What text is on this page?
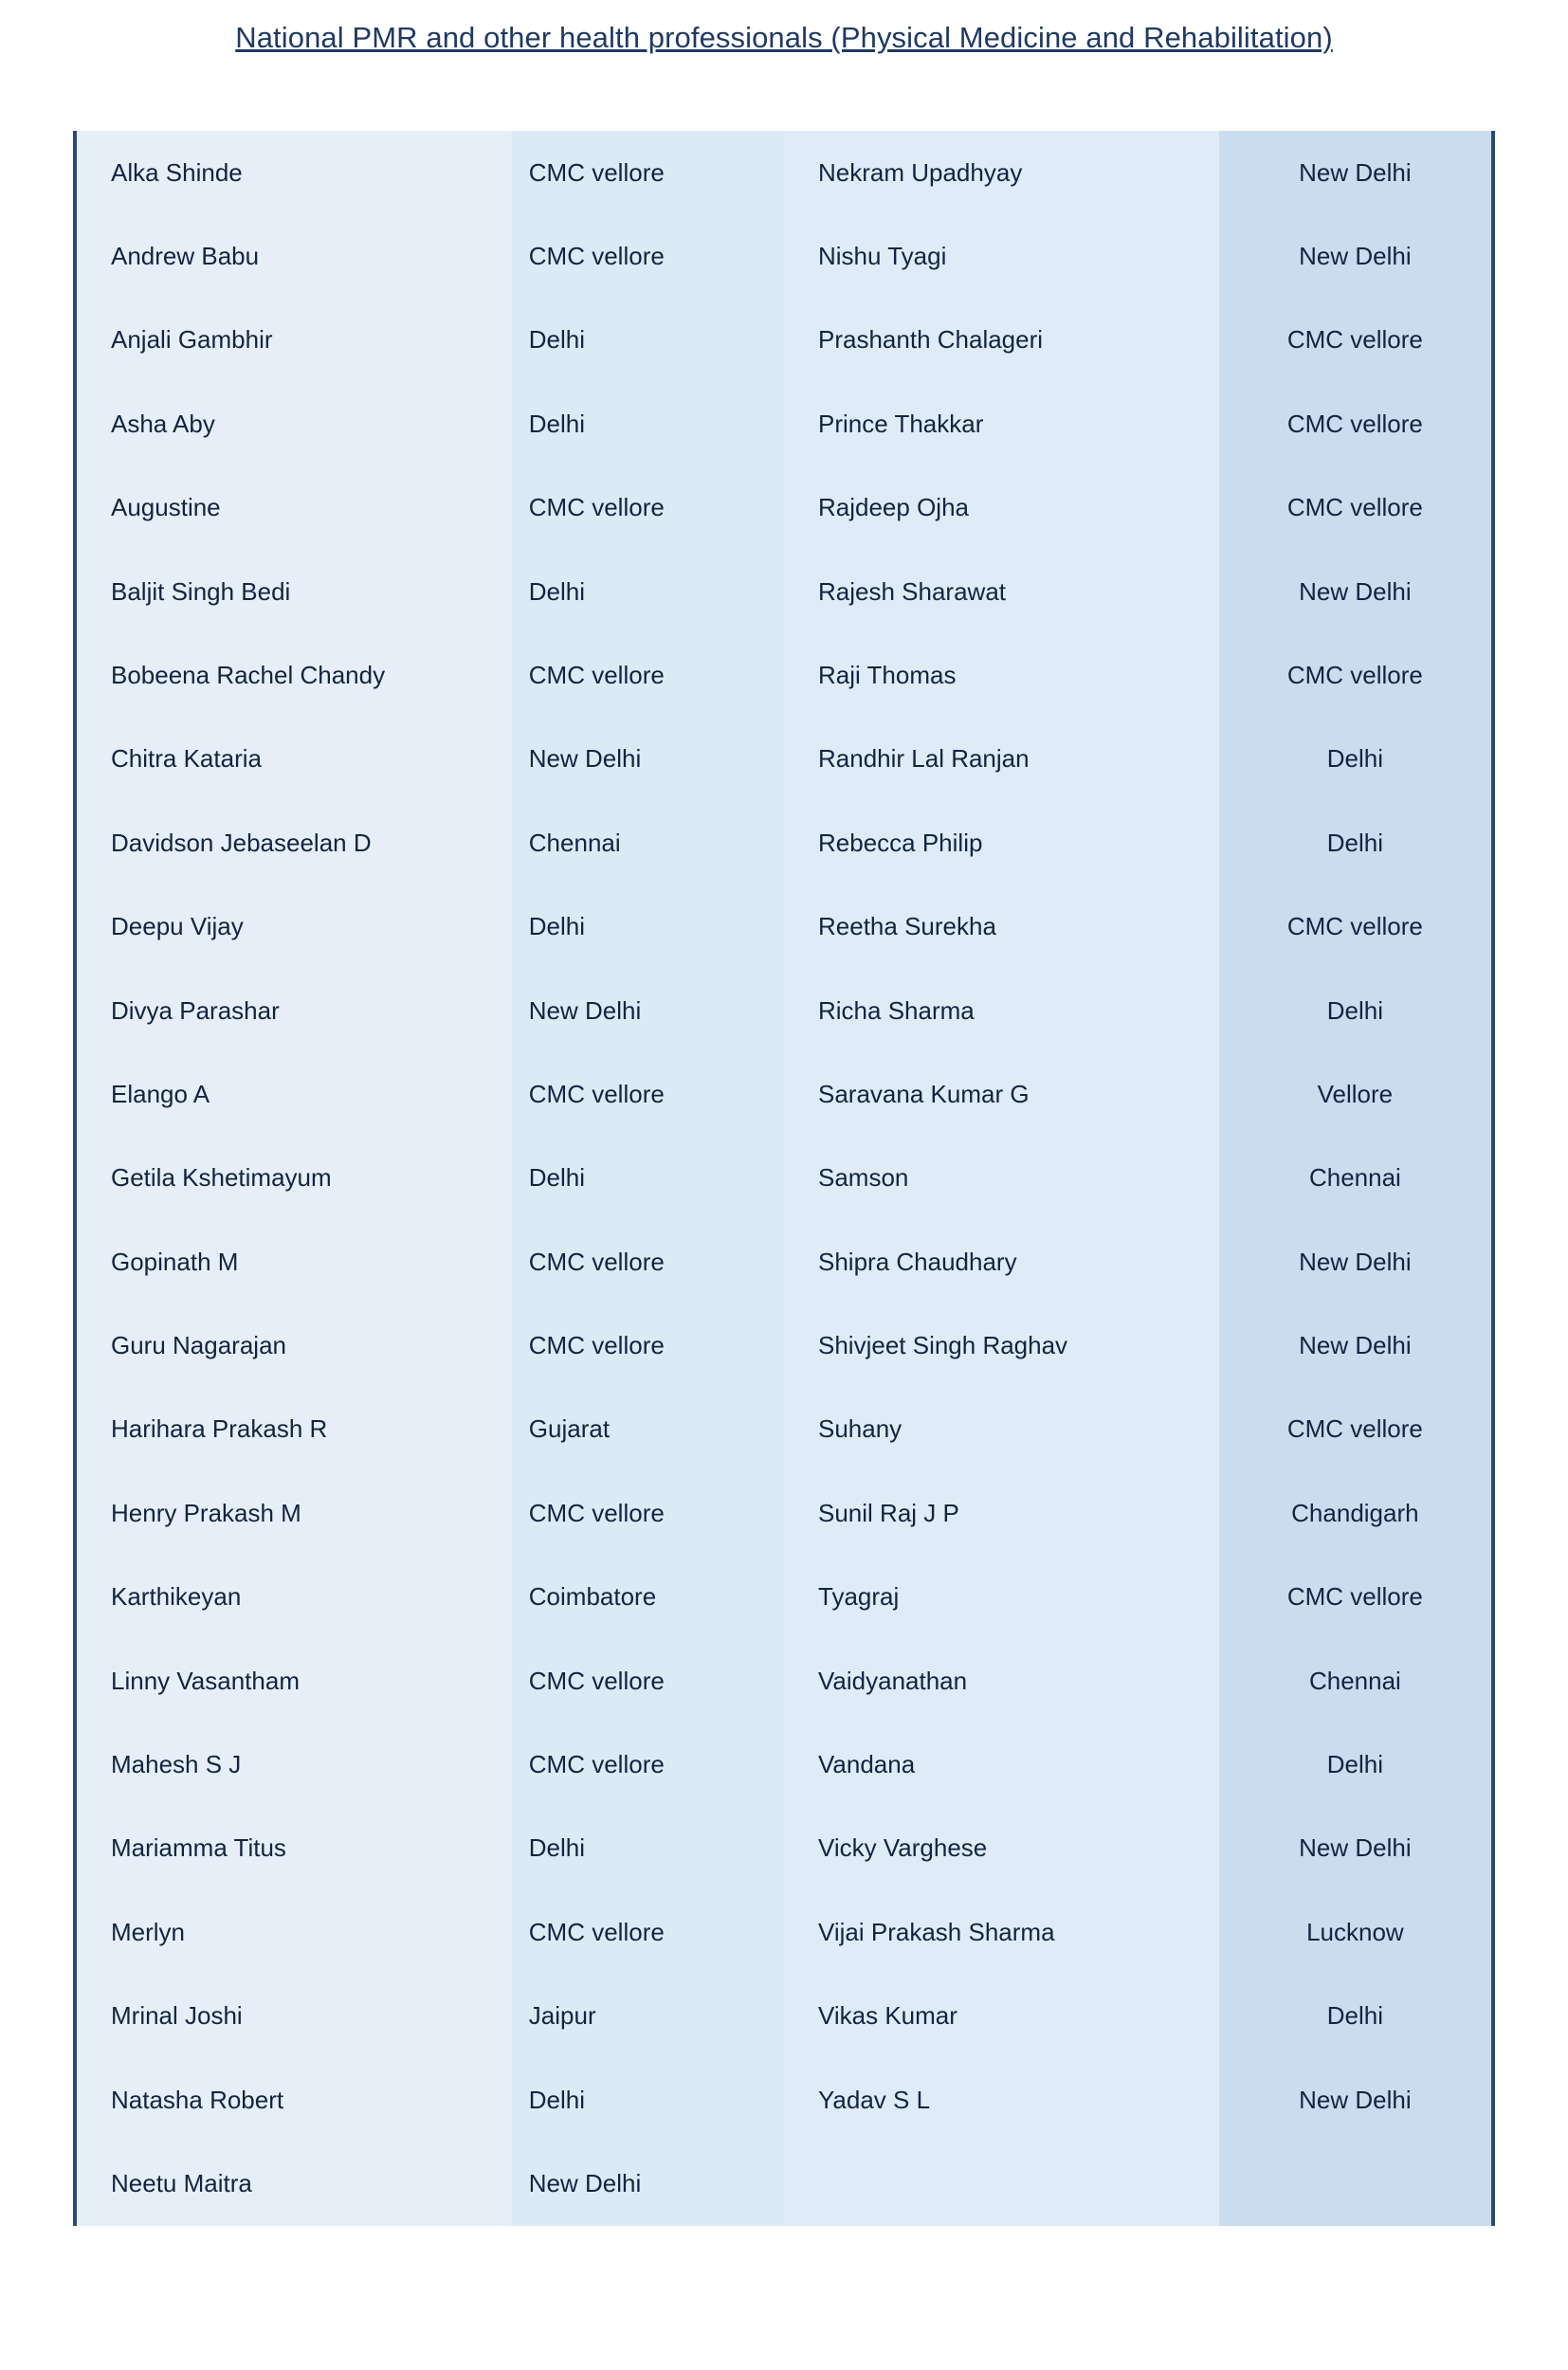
National PMR and other health professionals (Physical Medicine and Rehabilitation)
Alka Shinde
Andrew Babu
Anjali Gambhir
Asha Aby
Augustine
Baljit Singh Bedi
Bobeena Rachel Chandy
Chitra Kataria
Davidson Jebaseelan D
Deepu Vijay
Divya Parashar
Elango A
Getila Kshetimayum
Gopinath M
Guru Nagarajan
Harihara Prakash R
Henry Prakash M
Karthikeyan
Linny Vasantham
Mahesh S J
Mariamma Titus
Merlyn
Mrinal Joshi
Natasha Robert
Neetu Maitra
CMC vellore
CMC vellore
Delhi
Delhi
CMC vellore
Delhi
CMC vellore
New Delhi
Chennai
Delhi
New Delhi
CMC vellore
Delhi
CMC vellore
CMC vellore
Gujarat
CMC vellore
Coimbatore
CMC vellore
CMC vellore
Delhi
CMC vellore
Jaipur
Delhi
New Delhi
Nekram Upadhyay
Nishu Tyagi
Prashanth Chalageri
Prince Thakkar
Rajdeep Ojha
Rajesh Sharawat
Raji Thomas
Randhir Lal Ranjan
Rebecca Philip
Reetha Surekha
Richa Sharma
Saravana Kumar G
Samson
Shipra Chaudhary
Shivjeet Singh Raghav
Suhany
Sunil Raj J P
Tyagraj
Vaidyanathan
Vandana
Vicky Varghese
Vijai Prakash Sharma
Vikas Kumar
Yadav S L
New Delhi
New Delhi
CMC vellore
CMC vellore
CMC vellore
New Delhi
CMC vellore
Delhi
Delhi
CMC vellore
Delhi
Vellore
Chennai
New Delhi
New Delhi
CMC vellore
Chandigarh
CMC vellore
Chennai
Delhi
New Delhi
Lucknow
Delhi
New Delhi
